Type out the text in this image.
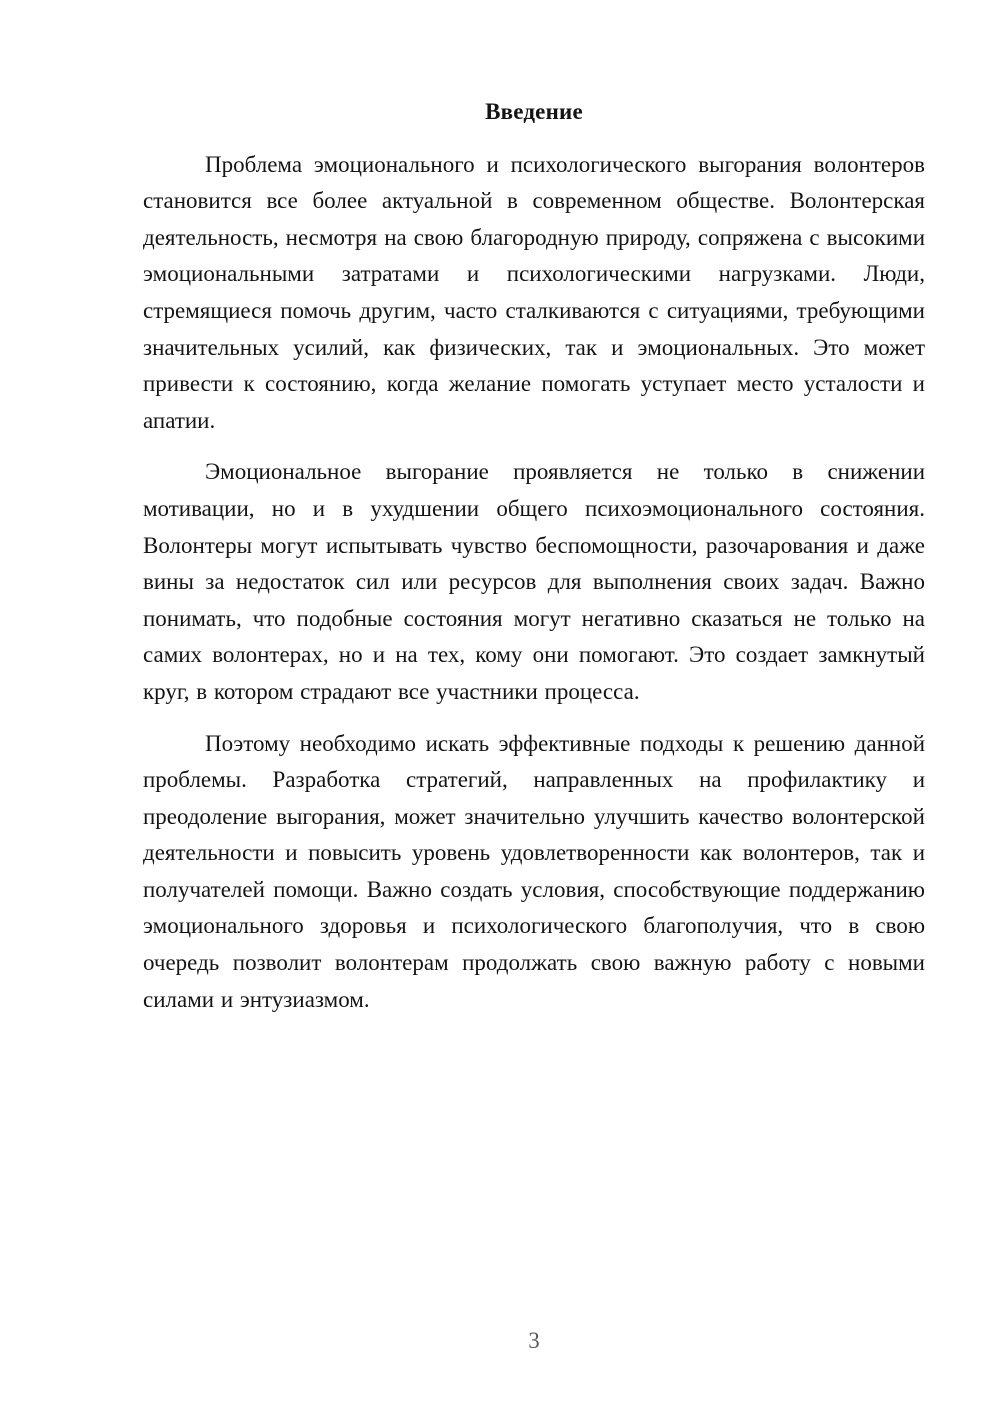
Введение

Проблема эмоционального и психологического выгорания волонтеров становится все более актуальной в современном обществе. Волонтерская деятельность, несмотря на свою благородную природу, сопряжена с высокими эмоциональными затратами и психологическими нагрузками. Люди, стремящиеся помочь другим, часто сталкиваются с ситуациями, требующими значительных усилий, как физических, так и эмоциональных. Это может привести к состоянию, когда желание помогать уступает место усталости и апатии.

Эмоциональное выгорание проявляется не только в снижении мотивации, но и в ухудшении общего психоэмоционального состояния. Волонтеры могут испытывать чувство беспомощности, разочарования и даже вины за недостаток сил или ресурсов для выполнения своих задач. Важно понимать, что подобные состояния могут негативно сказаться не только на самих волонтерах, но и на тех, кому они помогают. Это создает замкнутый круг, в котором страдают все участники процесса.

Поэтому необходимо искать эффективные подходы к решению данной проблемы. Разработка стратегий, направленных на профилактику и преодоление выгорания, может значительно улучшить качество волонтерской деятельности и повысить уровень удовлетворенности как волонтеров, так и получателей помощи. Важно создать условия, способствующие поддержанию эмоционального здоровья и психологического благополучия, что в свою очередь позволит волонтерам продолжать свою важную работу с новыми силами и энтузиазмом.

3
